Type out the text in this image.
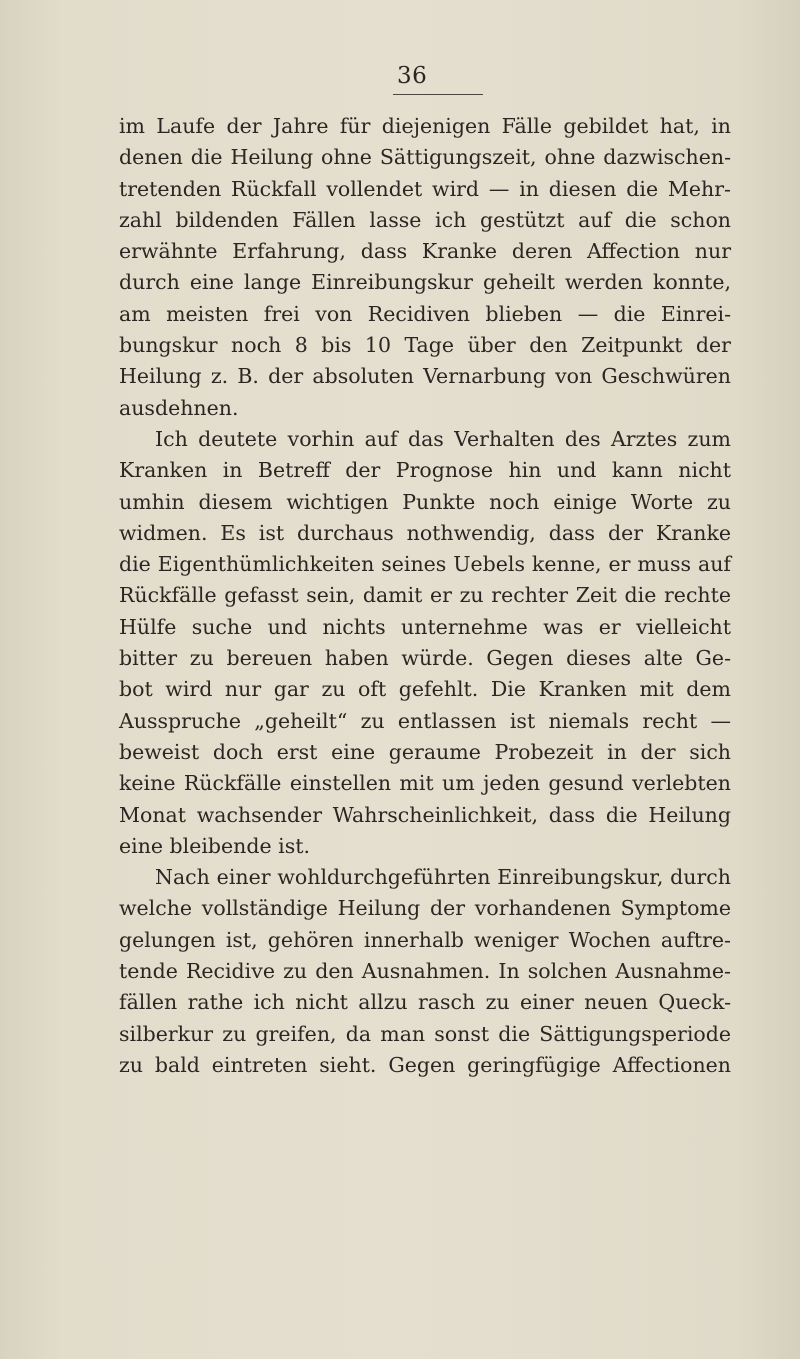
36
im Laufe der Jahre für diejenigen Fälle gebildet hat, in
denen die Heilung ohne Sättigungszeit, ohne dazwischen-
tretenden Rückfall vollendet wird — in diesen die Mehr-
zahl bildenden Fällen lasse ich gestützt auf die schon
erwähnte Erfahrung, dass Kranke deren Affection nur
durch eine lange Einreibungskur geheilt werden konnte,
am meisten frei von Recidiven blieben — die Einrei-
bungskur noch 8 bis 10 Tage über den Zeitpunkt der
Heilung z. B. der absoluten Vernarbung von Geschwüren
ausdehnen.
Ich deutete vorhin auf das Verhalten des Arztes zum
Kranken in Betreff der Prognose hin und kann nicht
umhin diesem wichtigen Punkte noch einige Worte zu
widmen. Es ist durchaus nothwendig, dass der Kranke
die Eigenthümlichkeiten seines Uebels kenne, er muss auf
Rückfälle gefasst sein, damit er zu rechter Zeit die rechte
Hülfe suche und nichts unternehme was er vielleicht
bitter zu bereuen haben würde. Gegen dieses alte Ge-
bot wird nur gar zu oft gefehlt. Die Kranken mit dem
Ausspruche „geheilt“ zu entlassen ist niemals recht —
beweist doch erst eine geraume Probezeit in der sich
keine Rückfälle einstellen mit um jeden gesund verlebten
Monat wachsender Wahrscheinlichkeit, dass die Heilung
eine bleibende ist.
Nach einer wohldurchgeführten Einreibungskur, durch
welche vollständige Heilung der vorhandenen Symptome
gelungen ist, gehören innerhalb weniger Wochen auftre-
tende Recidive zu den Ausnahmen. In solchen Ausnahme-
fällen rathe ich nicht allzu rasch zu einer neuen Queck-
silberkur zu greifen, da man sonst die Sättigungsperiode
zu bald eintreten sieht. Gegen geringfügige Affectionen
